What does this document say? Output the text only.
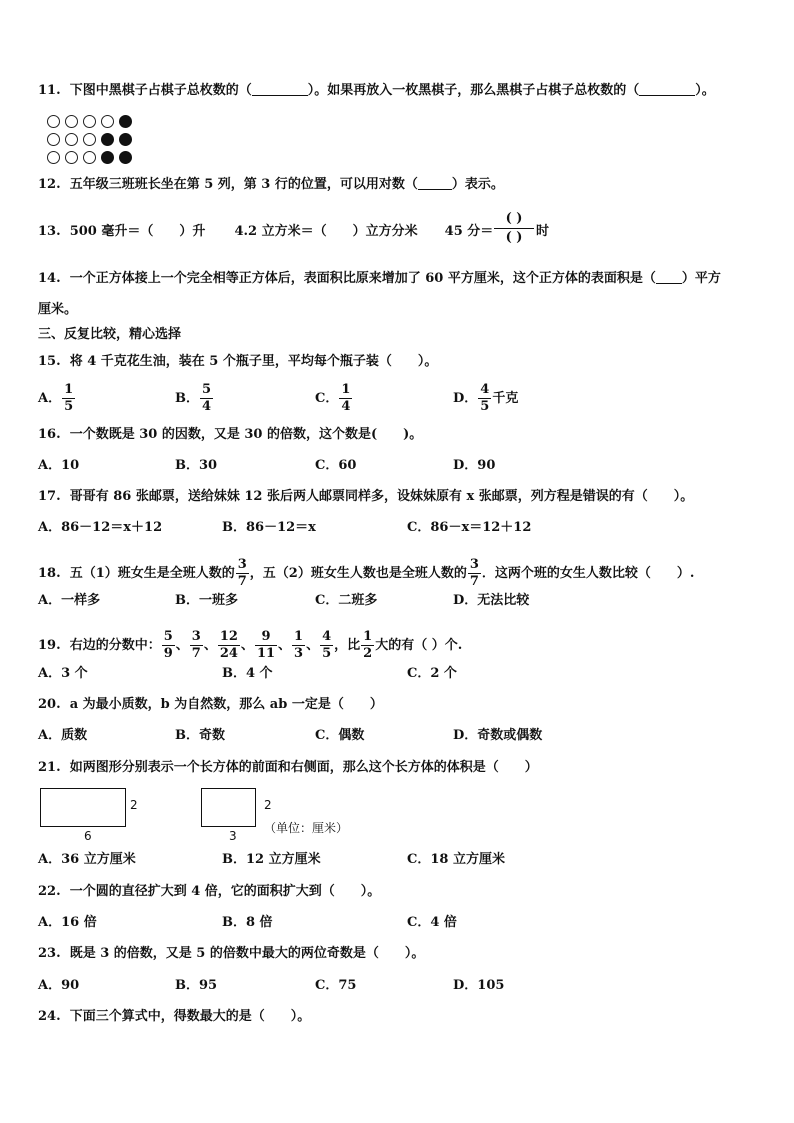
11. 下图中黑棋子占棋子总枚数的（	）。如果再放入一枚黑棋子，那么黑棋子占棋子总枚数的（	）。
12. 五年级三班班长坐在第 5 列，第 3 行的位置，可以用对数（	）表示。
13. 500 毫升＝（ ）升 4.2 立方米＝（ ）立方分米 45 分＝
( )
( )	时
14. 一个正方体接上一个完全相等正方体后，表面积比原来增加了 60 平方厘米，这个正方体的表面积是（ ）平方
厘米。
三、反复比较，精心选择
15. 将 4 千克花生油，装在 5 个瓶子里，平均每个瓶子装（　　）。
A． $\frac{1}{5}$	B． $\frac{5}{4}$	C． $\frac{1}{4}$	D． $\frac{4}{5}$ 千克
16. 一个数既是 30 的因数，又是 30 的倍数，这个数是(　　)。
A．10	B．30	C．60	D．90
17. 哥哥有 86 张邮票，送给妹妹 12 张后两人邮票同样多，设妹妹原有 x 张邮票，列方程是错误的有（　　）。
A．86－12＝x＋12	B．86－12＝x	C．86－x＝12＋12
18. 五（1）班女生是全班人数的 $\frac{3}{7}$ ，五（2）班女生人数也是全班人数的 $\frac{3}{7}$ ．这两个班的女生人数比较（　　）.
A．一样多	B．一班多	C．二班多	D．无法比较
19. 右边的分数中： $\frac{5}{9}$ 、 $\frac{3}{7}$ 、 $\frac{12}{24}$ 、 $\frac{9}{11}$ 、 $\frac{1}{3}$ 、 $\frac{4}{5}$ ，比 $\frac{1}{2}$ 大的有（ ）个.
A．3 个	B．4 个	C．2 个
20. a 为最小质数，b 为自然数，那么 ab 一定是（　　）
A．质数	B．奇数	C．偶数	D．奇数或偶数
21. 如两图形分别表示一个长方体的前面和右侧面，那么这个长方体的体积是（　　）
2
6
2
3
（单位：厘米）
A．36 立方厘米	B．12 立方厘米	C．18 立方厘米
22. 一个圆的直径扩大到 4 倍，它的面积扩大到（　　）。
A．16 倍	B．8 倍	C．4 倍
23. 既是 3 的倍数，又是 5 的倍数中最大的两位奇数是（　　）。
A．90	B．95	C．75	D．105
24. 下面三个算式中，得数最大的是（　　）。
